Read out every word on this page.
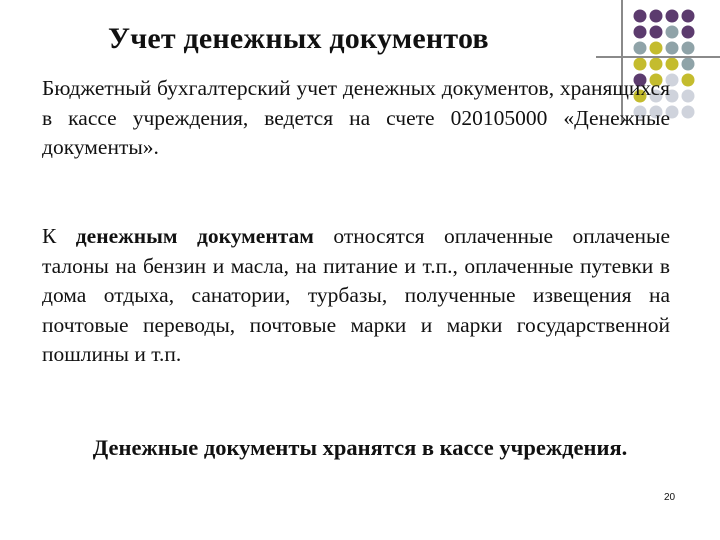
Учет денежных документов

Бюджетный бухгалтерский учет денежных документов, хранящихся в кассе учреждения, ведется на счете 020105000 «Денежные документы».

К денежным документам относятся оплаченные оплаченые талоны на бензин и масла, на питание и т.п., оплаченные путевки в дома отдыха, санатории, турбазы, полученные извещения на почтовые переводы, почтовые марки и марки государственной пошлины и т.п.

Денежные документы хранятся в кассе учреждения.

20
